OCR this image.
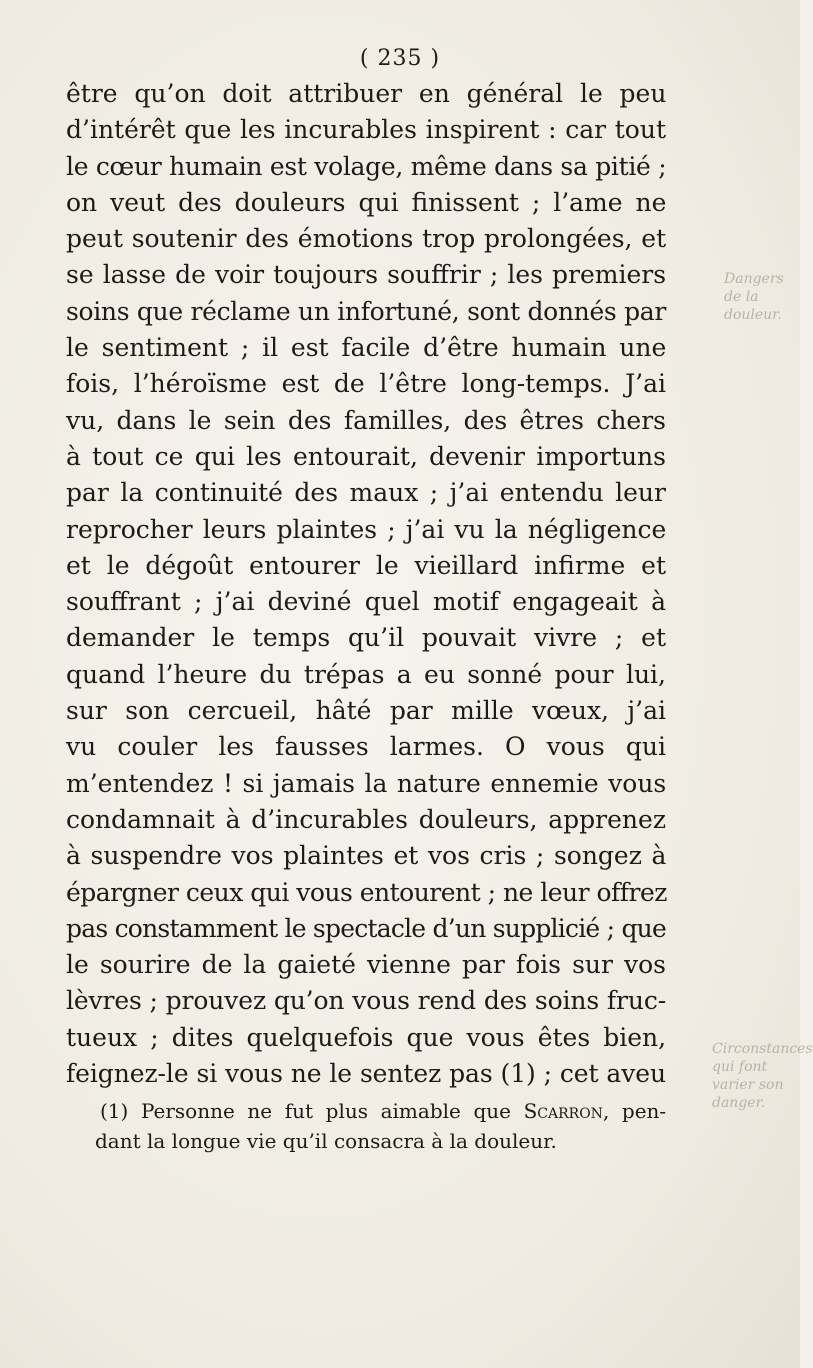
( 235 )
Dangers de la douleur.
Circonstances qui font varier son danger.
être qu’on doit attribuer en général le peu
d’intérêt que les incurables inspirent : car tout
le cœur humain est volage, même dans sa pitié ;
on veut des douleurs qui finissent ; l’ame ne
peut soutenir des émotions trop prolongées, et
se lasse de voir toujours souffrir ; les premiers
soins que réclame un infortuné, sont donnés par
le sentiment ; il est facile d’être humain une
fois, l’héroïsme est de l’être long-temps. J’ai
vu, dans le sein des familles, des êtres chers
à tout ce qui les entourait, devenir importuns
par la continuité des maux ; j’ai entendu leur
reprocher leurs plaintes ; j’ai vu la négligence
et le dégoût entourer le vieillard infirme et
souffrant ; j’ai deviné quel motif engageait à
demander le temps qu’il pouvait vivre ; et
quand l’heure du trépas a eu sonné pour lui,
sur son cercueil, hâté par mille vœux, j’ai
vu couler les fausses larmes. O vous qui
m’entendez ! si jamais la nature ennemie vous
condamnait à d’incurables douleurs, apprenez
à suspendre vos plaintes et vos cris ; songez à
épargner ceux qui vous entourent ; ne leur offrez
pas constamment le spectacle d’un supplicié ; que
le sourire de la gaieté vienne par fois sur vos
lèvres ; prouvez qu’on vous rend des soins fruc-
tueux ; dites quelquefois que vous êtes bien,
feignez-le si vous ne le sentez pas (1) ; cet aveu
(1) Personne ne fut plus aimable que Scarron, pen-
dant la longue vie qu’il consacra à la douleur.
